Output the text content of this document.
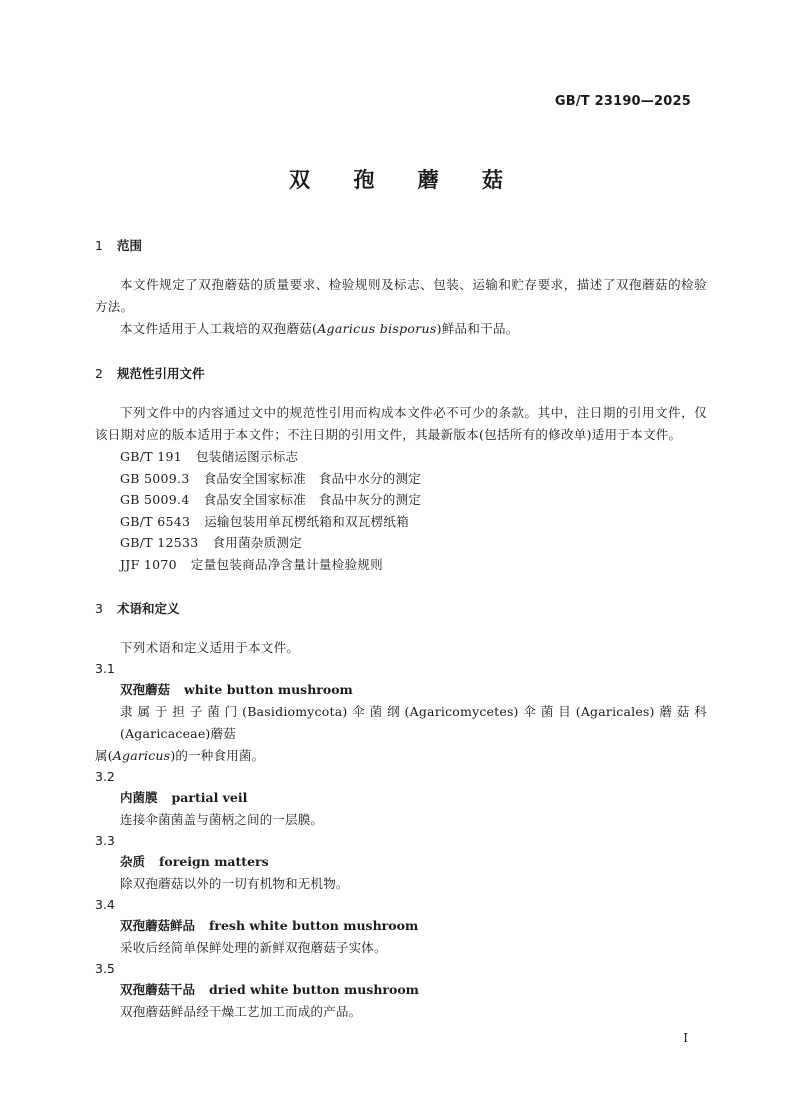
GB/T 23190—2025
双 孢 蘑 菇
1 范围
本文件规定了双孢蘑菇的质量要求、检验规则及标志、包装、运输和贮存要求，描述了双孢蘑菇的检验方法。
本文件适用于人工栽培的双孢蘑菇(Agaricus bisporus)鲜品和干品。
2 规范性引用文件
下列文件中的内容通过文中的规范性引用而构成本文件必不可少的条款。其中，注日期的引用文件，仅该日期对应的版本适用于本文件；不注日期的引用文件，其最新版本(包括所有的修改单)适用于本文件。
GB/T 191 包装储运图示标志
GB 5009.3 食品安全国家标准　食品中水分的测定
GB 5009.4 食品安全国家标准　食品中灰分的测定
GB/T 6543 运输包装用单瓦楞纸箱和双瓦楞纸箱
GB/T 12533 食用菌杂质测定
JJF 1070 定量包装商品净含量计量检验规则
3 术语和定义
下列术语和定义适用于本文件。
3.1
双孢蘑菇 white button mushroom
隶属于担子菌门(Basidiomycota)伞菌纲(Agaricomycetes)伞菌目(Agaricales)蘑菇科(Agaricaceae)蘑菇
属(Agaricus)的一种食用菌。
3.2
内菌膜 partial veil
连接伞菌菌盖与菌柄之间的一层膜。
3.3
杂质 foreign matters
除双孢蘑菇以外的一切有机物和无机物。
3.4
双孢蘑菇鲜品 fresh white button mushroom
采收后经简单保鲜处理的新鲜双孢蘑菇子实体。
3.5
双孢蘑菇干品 dried white button mushroom
双孢蘑菇鲜品经干燥工艺加工而成的产品。
I
